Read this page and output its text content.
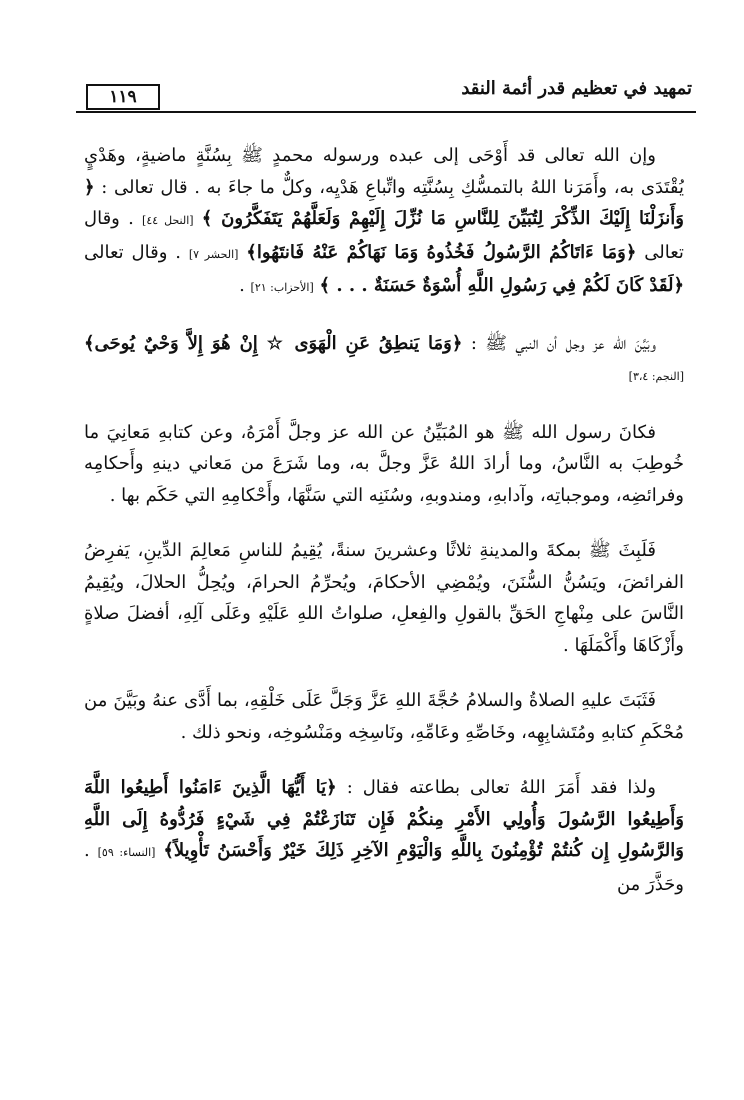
تمهيد في تعظيم قدر أئمة النقد
١١٩

وإن الله تعالى قد أَوْحَى إلى عبده ورسوله محمدٍ ﷺ بِسُنَّةٍ ماضيةٍ، وهَدْيٍ يُقْتَدَى به، وأَمَرَنا اللهُ بالتمسُّكِ بِسُنَّتِه واتِّباعِ هَدْيِه، وكلٌّ ما جاءَ به . قال تعالى : ﴿ وَأَنزَلْنَا إِلَيْكَ الذِّكْرَ لِتُبَيِّنَ لِلنَّاسِ مَا نُزِّلَ إِلَيْهِمْ وَلَعَلَّهُمْ يَتَفَكَّرُونَ ﴾ [النحل ٤٤] . وقال تعالى ﴿وَمَا ءَاتَاكُمُ الرَّسُولُ فَخُذُوهُ وَمَا نَهَاكُمْ عَنْهُ فَانتَهُوا﴾ [الحشر ٧] . وقال تعالى ﴿لَقَدْ كَانَ لَكُمْ فِي رَسُولِ اللَّهِ أُسْوَةٌ حَسَنَةٌ . . . ﴾ [الأحزاب: ٢١] .

وبَيَّنَ الله عز وجل أن النبي ﷺ : ﴿وَمَا يَنطِقُ عَنِ الْهَوَى ☆ إِنْ هُوَ إِلاَّ وَحْيٌ يُوحَى﴾ [النجم: ٣،٤]

فكانَ رسول الله ﷺ هو المُبَيِّنُ عن الله عز وجلَّ أَمْرَهُ، وعن كتابهِ مَعانِيَ ما خُوطِبَ به النَّاسُ، وما أرادَ اللهُ عَزَّ وجلَّ به، وما شَرَعَ من مَعاني دينهِ وأَحكامِه وفرائضِه، وموجباتِه، وآدابهِ، ومندوبهِ، وسُنَنِه التي سَنَّهَا، وأَحْكامِهِ التي حَكَم بها .

فَلَبِثَ ﷺ بمكةَ والمدينةِ ثلاثًا وعشرينَ سنةً، يُقِيمُ للناسِ مَعالِمَ الدِّينِ، يَفرِضُ الفرائضَ، ويَسُنُّ السُّنَنَ، ويُمْضِي الأحكامَ، ويُحرِّمُ الحرامَ، ويُحِلُّ الحلالَ، ويُقِيمُ النَّاسَ على مِنْهاجِ الحَقِّ بالقولِ والفِعلِ، صلواتُ اللهِ عَلَيْهِ وعَلَى آلِهِ، أفضلَ صلاةٍ وأَزْكَاهَا وأَكْمَلَهَا .

فَثَبَتَ عليهِ الصلاةُ والسلامُ حُجَّةَ اللهِ عَزَّ وَجَلَّ عَلَى خَلْقِهِ، بما أَدَّى عنهُ وبَيَّنَ من مُحْكَمِ كتابهِ ومُتَشابِهِه، وخَاصِّهِ وعَامِّهِ، ونَاسِخِه ومَنْسُوخِه، ونحو ذلك .

ولذا فقد أَمَرَ اللهُ تعالى بطاعته فقال : ﴿يَا أَيُّهَا الَّذِينَ ءَامَنُوا أَطِيعُوا اللَّهَ وَأَطِيعُوا الرَّسُولَ وَأُولِي الأَمْرِ مِنكُمْ فَإِن تَنَازَعْتُمْ فِي شَيْءٍ فَرُدُّوهُ إِلَى اللَّهِ وَالرَّسُولِ إِن كُنتُمْ تُؤْمِنُونَ بِاللَّهِ وَالْيَوْمِ الآخِرِ ذَلِكَ خَيْرٌ وَأَحْسَنُ تَأْوِيلاً﴾ [النساء: ٥٩] . وحَذَّرَ من
